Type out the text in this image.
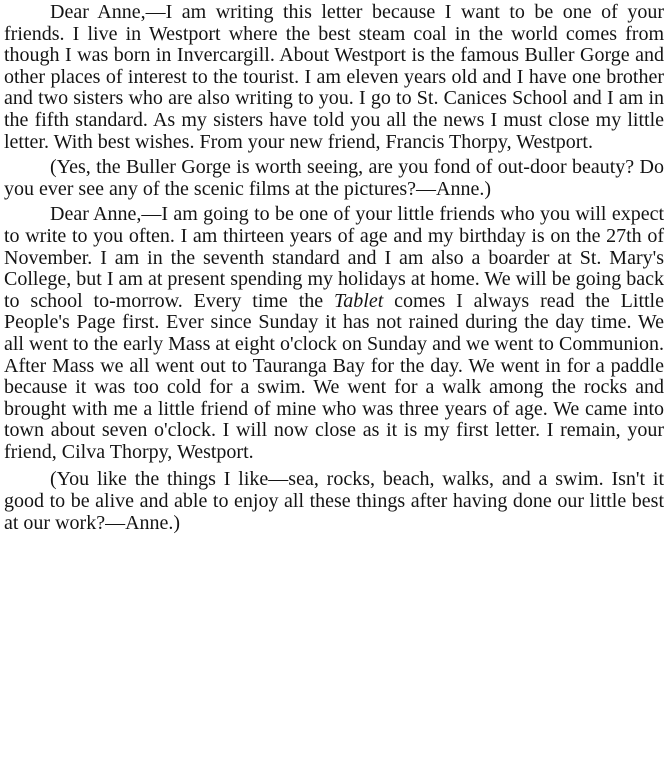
Dear Anne,—I am writing this letter because I want to be one of your friends. I live in Westport where the best steam coal in the world comes from though I was born in Invercargill. About Westport is the famous Buller Gorge and other places of interest to the tourist. I am eleven years old and I have one brother and two sisters who are also writing to you. I go to St. Canices School and I am in the fifth standard. As my sisters have told you all the news I must close my little letter. With best wishes. From your new friend, Francis Thorpy, Westport.

(Yes, the Buller Gorge is worth seeing, are you fond of out-door beauty? Do you ever see any of the scenic films at the pictures?—Anne.)

Dear Anne,—I am going to be one of your little friends who you will expect to write to you often. I am thirteen years of age and my birthday is on the 27th of November. I am in the seventh standard and I am also a boarder at St. Mary's College, but I am at present spending my holidays at home. We will be going back to school to-morrow. Every time the Tablet comes I always read the Little People's Page first. Ever since Sunday it has not rained during the day time. We all went to the early Mass at eight o'clock on Sunday and we went to Communion. After Mass we all went out to Tauranga Bay for the day. We went in for a paddle because it was too cold for a swim. We went for a walk among the rocks and brought with me a little friend of mine who was three years of age. We came into town about seven o'clock. I will now close as it is my first letter. I remain, your friend, Cilva Thorpy, Westport.

(You like the things I like—sea, rocks, beach, walks, and a swim. Isn't it good to be alive and able to enjoy all these things after having done our little best at our work?—Anne.)
